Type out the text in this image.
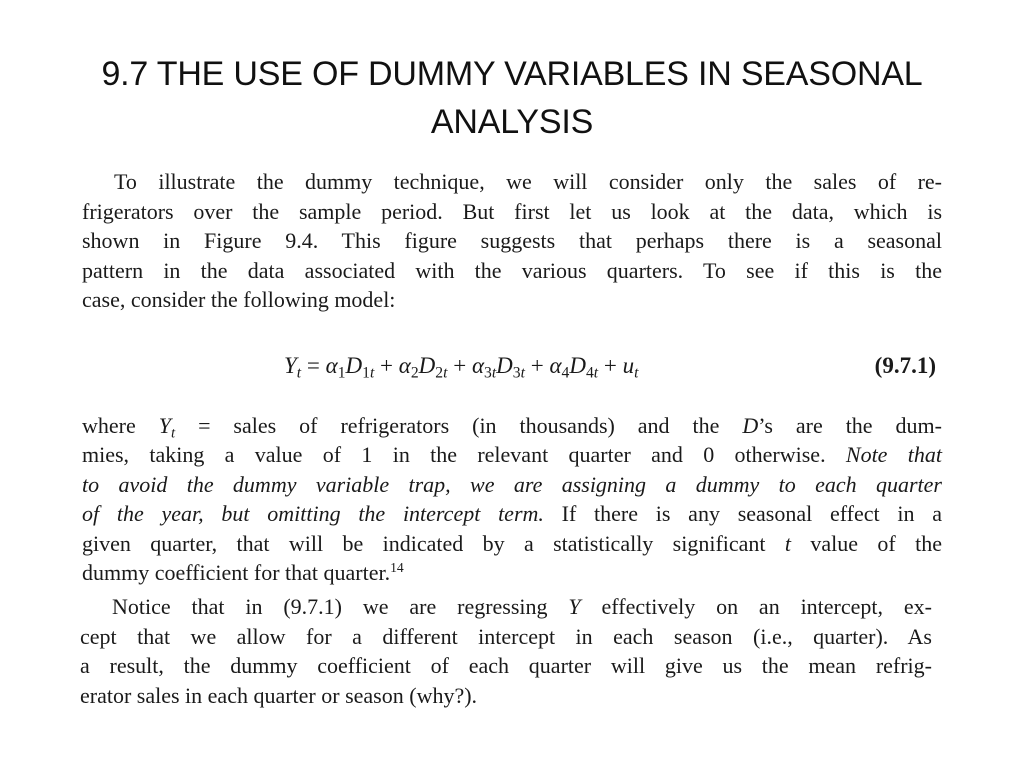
9.7 THE USE OF DUMMY VARIABLES IN SEASONAL
ANALYSIS
To illustrate the dummy technique, we will consider only the sales of re-
frigerators over the sample period. But first let us look at the data, which is
shown in Figure 9.4. This figure suggests that perhaps there is a seasonal
pattern in the data associated with the various quarters. To see if this is the
case, consider the following model:
$Y_t = \alpha_1D_{1t} + \alpha_2D_{2t} + \alpha_{3t}D_{3t} + \alpha_4D_{4t} + u_t$	(9.7.1)
where $Y_t$ = sales of refrigerators (in thousands) and the D’s are the dum-
mies, taking a value of 1 in the relevant quarter and 0 otherwise. Note that
to avoid the dummy variable trap, we are assigning a dummy to each quarter
of the year, but omitting the intercept term. If there is any seasonal effect in a
given quarter, that will be indicated by a statistically significant t value of the
dummy coefficient for that quarter.$^{14}$
Notice that in (9.7.1) we are regressing Y effectively on an intercept, ex-
cept that we allow for a different intercept in each season (i.e., quarter). As
a result, the dummy coefficient of each quarter will give us the mean refrig-
erator sales in each quarter or season (why?).
